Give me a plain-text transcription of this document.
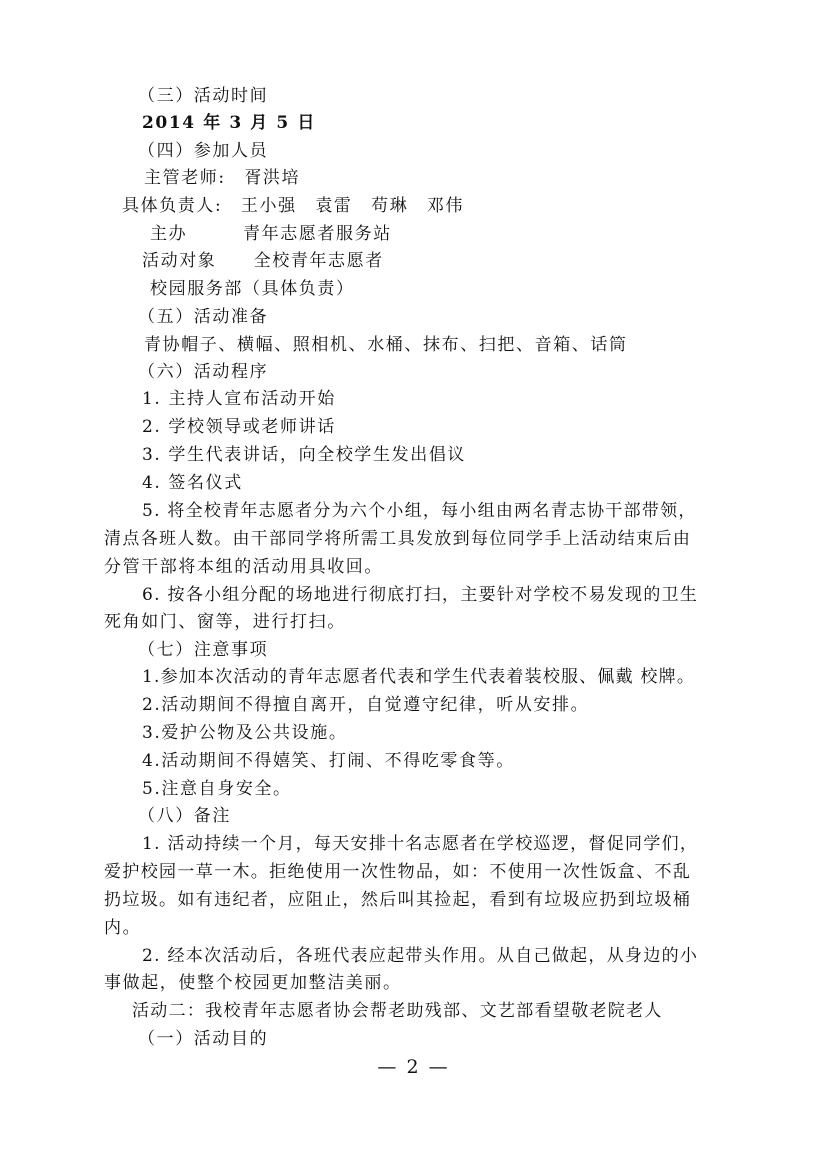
（三）活动时间
2014 年 3 月 5 日
（四）参加人员
主管老师:　胥洪培
具体负责人:　王小强　袁雷　苟琳　邓伟
主办　　　青年志愿者服务站
活动对象　　全校青年志愿者
校园服务部（具体负责）
（五）活动准备
青协帽子、横幅、照相机、水桶、抹布、扫把、音箱、话筒
（六）活动程序
1. 主持人宣布活动开始
2. 学校领导或老师讲话
3. 学生代表讲话，向全校学生发出倡议
4. 签名仪式
5. 将全校青年志愿者分为六个小组，每小组由两名青志协干部带领，
清点各班人数。由干部同学将所需工具发放到每位同学手上活动结束后由
分管干部将本组的活动用具收回。
6. 按各小组分配的场地进行彻底打扫，主要针对学校不易发现的卫生
死角如门、窗等，进行打扫。
（七）注意事项
1.参加本次活动的青年志愿者代表和学生代表着装校服、佩戴 校牌。
2.活动期间不得擅自离开，自觉遵守纪律，听从安排。
3.爱护公物及公共设施。
4.活动期间不得嬉笑、打闹、不得吃零食等。
5.注意自身安全。
（八）备注
1. 活动持续一个月，每天安排十名志愿者在学校巡逻，督促同学们，
爱护校园一草一木。拒绝使用一次性物品，如：不使用一次性饭盒、不乱
扔垃圾。如有违纪者，应阻止，然后叫其捡起，看到有垃圾应扔到垃圾桶
内。
2. 经本次活动后，各班代表应起带头作用。从自己做起，从身边的小
事做起，使整个校园更加整洁美丽。
活动二：我校青年志愿者协会帮老助残部、文艺部看望敬老院老人
（一）活动目的
— 2 —
